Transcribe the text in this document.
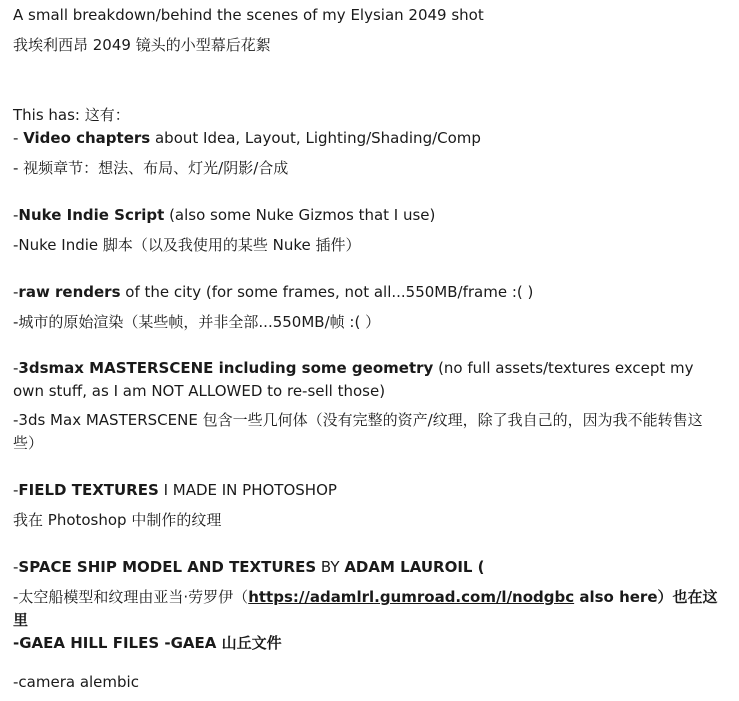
A small breakdown/behind the scenes of my Elysian 2049 shot

我埃利西昂 2049 镜头的小型幕后花絮

This has: 这有：

- Video chapters about Idea, Layout, Lighting/Shading/Comp

- 视频章节：想法、布局、灯光/阴影/合成

-Nuke Indie Script (also some Nuke Gizmos that I use)

-Nuke Indie 脚本（以及我使用的某些 Nuke 插件）

-raw renders of the city (for some frames, not all...550MB/frame :( )

-城市的原始渲染（某些帧，并非全部...550MB/帧 :( ）

-3dsmax MASTERSCENE including some geometry (no full assets/textures except my own stuff, as I am NOT ALLOWED to re-sell those)

-3ds Max MASTERSCENE 包含一些几何体（没有完整的资产/纹理，除了我自己的，因为我不能转售这些）

-FIELD TEXTURES I MADE IN PHOTOSHOP

我在 Photoshop 中制作的纹理

-SPACE SHIP MODEL AND TEXTURES BY ADAM LAUROIL (

-太空船模型和纹理由亚当·劳罗伊（https://adamlrl.gumroad.com/l/nodgbc also here）也在这里

-GAEA HILL FILES -GAEA 山丘文件

-camera alembic
